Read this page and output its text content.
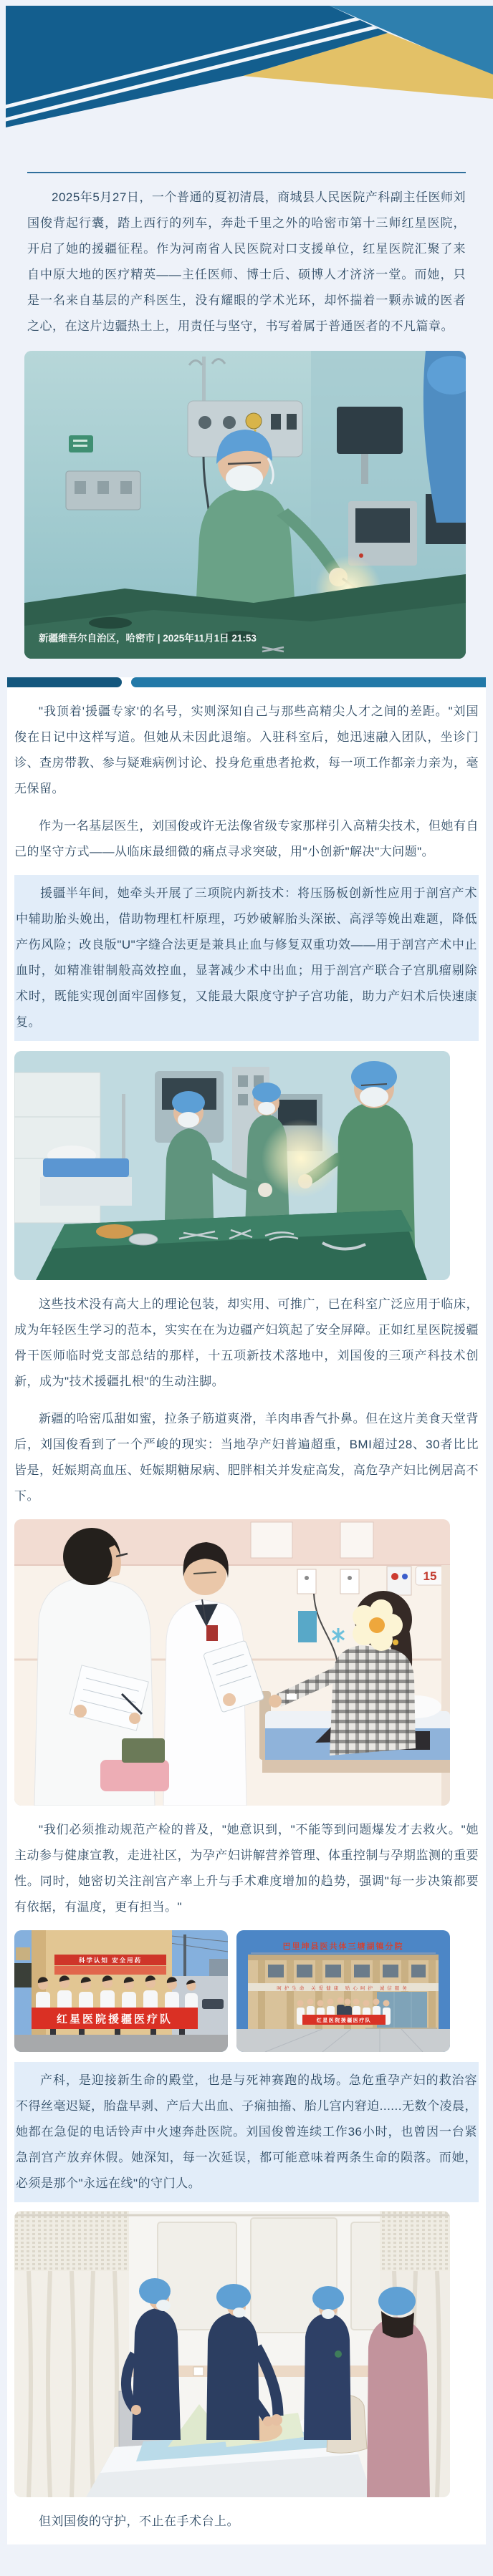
2025年5月27日，一个普通的夏初清晨，商城县人民医院产科副主任医师刘国俊背起行囊，踏上西行的列车，奔赴千里之外的哈密市第十三师红星医院，开启了她的援疆征程。作为河南省人民医院对口支援单位，红星医院汇聚了来自中原大地的医疗精英——主任医师、博士后、硕博人才济济一堂。而她，只是一名来自基层的产科医生，没有耀眼的学术光环，却怀揣着一颗赤诚的医者之心，在这片边疆热土上，用责任与坚守，书写着属于普通医者的不凡篇章。

新疆维吾尔自治区，哈密市 | 2025年11月1日 21:53

"我顶着'援疆专家'的名号，实则深知自己与那些高精尖人才之间的差距。"刘国俊在日记中这样写道。但她从未因此退缩。入驻科室后，她迅速融入团队，坐诊门诊、查房带教、参与疑难病例讨论、投身危重患者抢救，每一项工作都亲力亲为，毫无保留。

作为一名基层医生，刘国俊或许无法像省级专家那样引入高精尖技术，但她有自己的坚守方式——从临床最细微的痛点寻求突破，用"小创新"解决"大问题"。

援疆半年间，她牵头开展了三项院内新技术：将压肠板创新性应用于剖宫产术中辅助胎头娩出，借助物理杠杆原理，巧妙破解胎头深嵌、高浮等娩出难题，降低产伤风险；改良版"U"字缝合法更是兼具止血与修复双重功效——用于剖宫产术中止血时，如精准钳制般高效控血，显著减少术中出血；用于剖宫产联合子宫肌瘤剔除术时，既能实现创面牢固修复，又能最大限度守护子宫功能，助力产妇术后快速康复。

这些技术没有高大上的理论包装，却实用、可推广，已在科室广泛应用于临床，成为年轻医生学习的范本，实实在在为边疆产妇筑起了安全屏障。正如红星医院援疆骨干医师临时党支部总结的那样，十五项新技术落地中，刘国俊的三项产科技术创新，成为"技术援疆扎根"的生动注脚。

新疆的哈密瓜甜如蜜，拉条子筋道爽滑，羊肉串香气扑鼻。但在这片美食天堂背后，刘国俊看到了一个严峻的现实：当地孕产妇普遍超重，BMI超过28、30者比比皆是，妊娠期高血压、妊娠期糖尿病、肥胖相关并发症高发，高危孕产妇比例居高不下。

15

"我们必须推动规范产检的普及，"她意识到，"不能等到问题爆发才去救火。"她主动参与健康宣教，走进社区，为孕产妇讲解营养管理、体重控制与孕期监测的重要性。同时，她密切关注剖宫产率上升与手术难度增加的趋势，强调"每一步决策都要有依据，有温度，更有担当。"

科学认知 安全用药
红星医院援疆医疗队
巴里坤县医共体三塘湖镇分院
呵护生命 关爱健康 贴心呵护 诚信服务
红星医院援疆医疗队

产科，是迎接新生命的殿堂，也是与死神赛跑的战场。急危重孕产妇的救治容不得丝毫迟疑，胎盘早剥、产后大出血、子痫抽搐、胎儿宫内窘迫......无数个凌晨，她都在急促的电话铃声中火速奔赴医院。刘国俊曾连续工作36小时，也曾因一台紧急剖宫产放弃休假。她深知，每一次延误，都可能意味着两条生命的陨落。而她，必须是那个"永远在线"的守门人。

但刘国俊的守护，不止在手术台上。
